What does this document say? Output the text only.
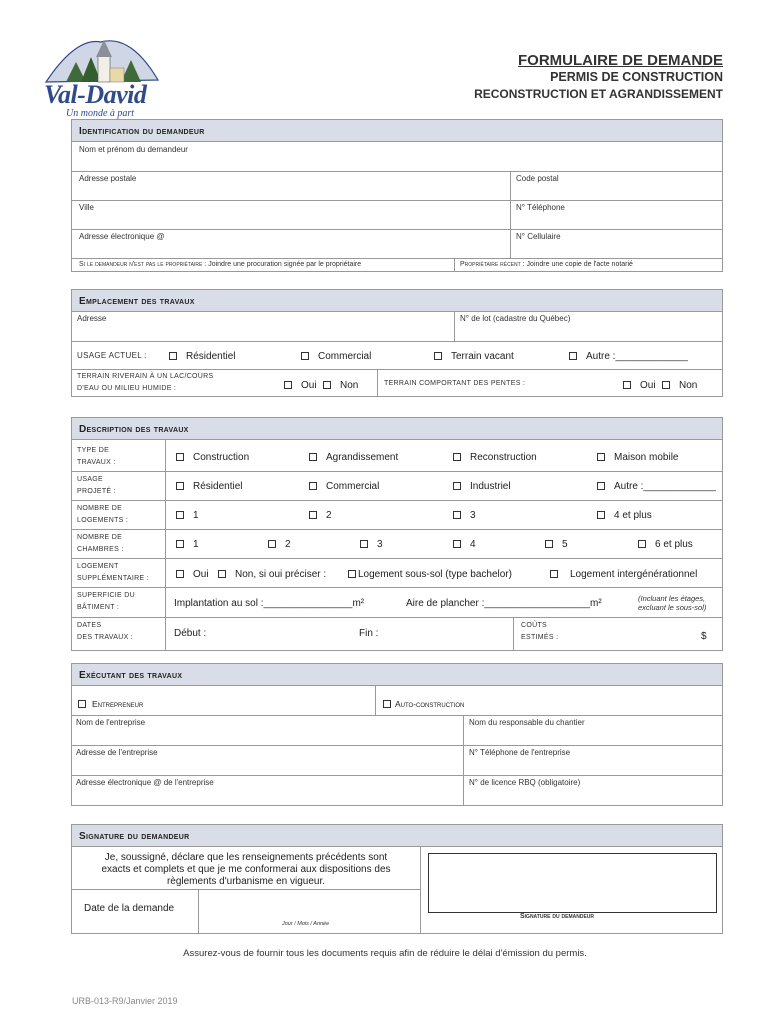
Val-David
Un monde à part
FORMULAIRE DE DEMANDE
PERMIS DE CONSTRUCTION
RECONSTRUCTION ET AGRANDISSEMENT
Identification du demandeur
Nom et prénom du demandeur
Adresse postale	Code postal
Ville	N° Téléphone
Adresse électronique @	N° Cellulaire
Si le demandeur n'est pas le propriétaire : Joindre une procuration signée par le propriétaire	Propriétaire récent : Joindre une copie de l'acte notarié
Emplacement des travaux
Adresse	N° de lot (cadastre du Québec)
USAGE ACTUEL :	Résidentiel	Commercial	Terrain vacant	Autre :_____________
TERRAIN RIVERAIN À UN LAC/COURS
D'EAU OU MILIEU HUMIDE :	Oui	Non	TERRAIN COMPORTANT DES PENTES :	Oui	Non
Description des travaux
TYPE DE
TRAVAUX :	Construction	Agrandissement	Reconstruction	Maison mobile
USAGE
PROJETÉ :	Résidentiel	Commercial	Industriel	Autre :_____________
NOMBRE DE
LOGEMENTS :	1	2	3	4 et plus
NOMBRE DE
CHAMBRES :	1	2	3	4	5	6 et plus
LOGEMENT
SUPPLÉMENTAIRE :	Oui	Non, si oui préciser :	Logement sous-sol (type bachelor)	Logement intergénérationnel
SUPERFICIE DU
BÂTIMENT :	Implantation au sol :________________m²	Aire de plancher :___________________m²	(Incluant les étages,
excluant le sous-sol)
DATES
DES TRAVAUX :	Début :	Fin :
COÛTS
ESTIMÉS :	$
Exécutant des travaux
Entrepreneur	Auto-construction
Nom de l'entreprise	Nom du responsable du chantier
Adresse de l'entreprise	N° Téléphone de l'entreprise
Adresse électronique @ de l'entreprise	N° de licence RBQ (obligatoire)
Signature du demandeur
Je, soussigné, déclare que les renseignements précédents sont
exacts et complets et que je me conformerai aux dispositions des
règlements d'urbanisme en vigueur.
Date de la demande
Jour / Mois / Année
Signature du demandeur
Assurez-vous de fournir tous les documents requis afin de réduire le délai d'émission du permis.
URB-013-R9/Janvier 2019
